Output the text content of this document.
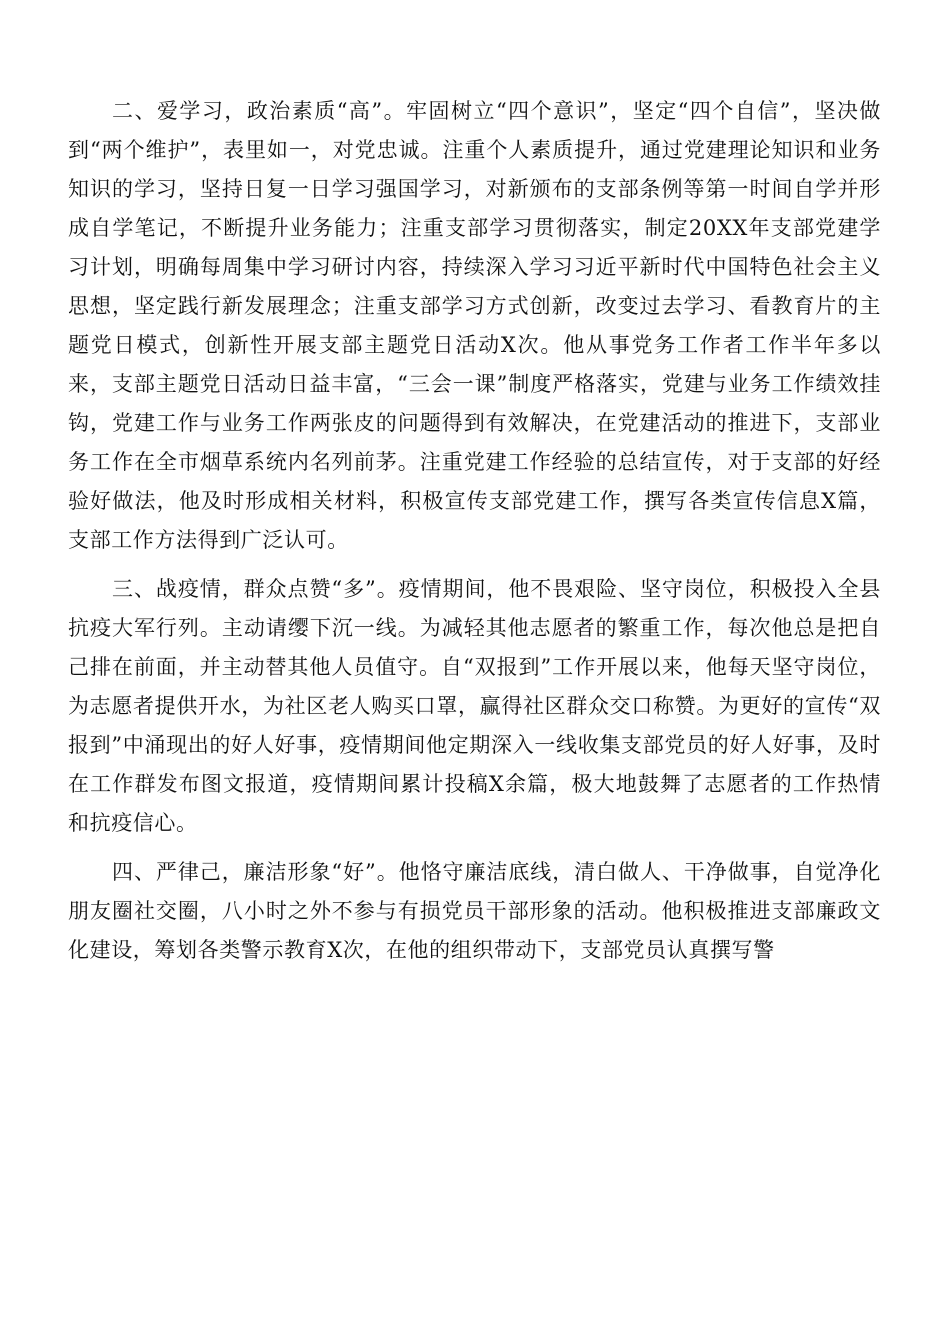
二、爱学习，政治素质“高”。牢固树立“四个意识”，坚定“四个自信”，坚决做到“两个维护”，表里如一，对党忠诚。注重个人素质提升，通过党建理论知识和业务知识的学习，坚持日复一日学习强国学习，对新颁布的支部条例等第一时间自学并形成自学笔记，不断提升业务能力；注重支部学习贯彻落实，制定20XX年支部党建学习计划，明确每周集中学习研讨内容，持续深入学习习近平新时代中国特色社会主义思想，坚定践行新发展理念；注重支部学习方式创新，改变过去学习、看教育片的主题党日模式，创新性开展支部主题党日活动X次。他从事党务工作者工作半年多以来，支部主题党日活动日益丰富，“三会一课”制度严格落实，党建与业务工作绩效挂钩，党建工作与业务工作两张皮的问题得到有效解决，在党建活动的推进下，支部业务工作在全市烟草系统内名列前茅。注重党建工作经验的总结宣传，对于支部的好经验好做法，他及时形成相关材料，积极宣传支部党建工作，撰写各类宣传信息X篇，支部工作方法得到广泛认可。

三、战疫情，群众点赞“多”。疫情期间，他不畏艰险、坚守岗位，积极投入全县抗疫大军行列。主动请缨下沉一线。为减轻其他志愿者的繁重工作，每次他总是把自己排在前面，并主动替其他人员值守。自“双报到”工作开展以来，他每天坚守岗位，为志愿者提供开水，为社区老人购买口罩，赢得社区群众交口称赞。为更好的宣传“双报到”中涌现出的好人好事，疫情期间他定期深入一线收集支部党员的好人好事，及时在工作群发布图文报道，疫情期间累计投稿X余篇，极大地鼓舞了志愿者的工作热情和抗疫信心。

四、严律己，廉洁形象“好”。他恪守廉洁底线，清白做人、干净做事，自觉净化朋友圈社交圈，八小时之外不参与有损党员干部形象的活动。他积极推进支部廉政文化建设，筹划各类警示教育X次，在他的组织带动下，支部党员认真撰写警
